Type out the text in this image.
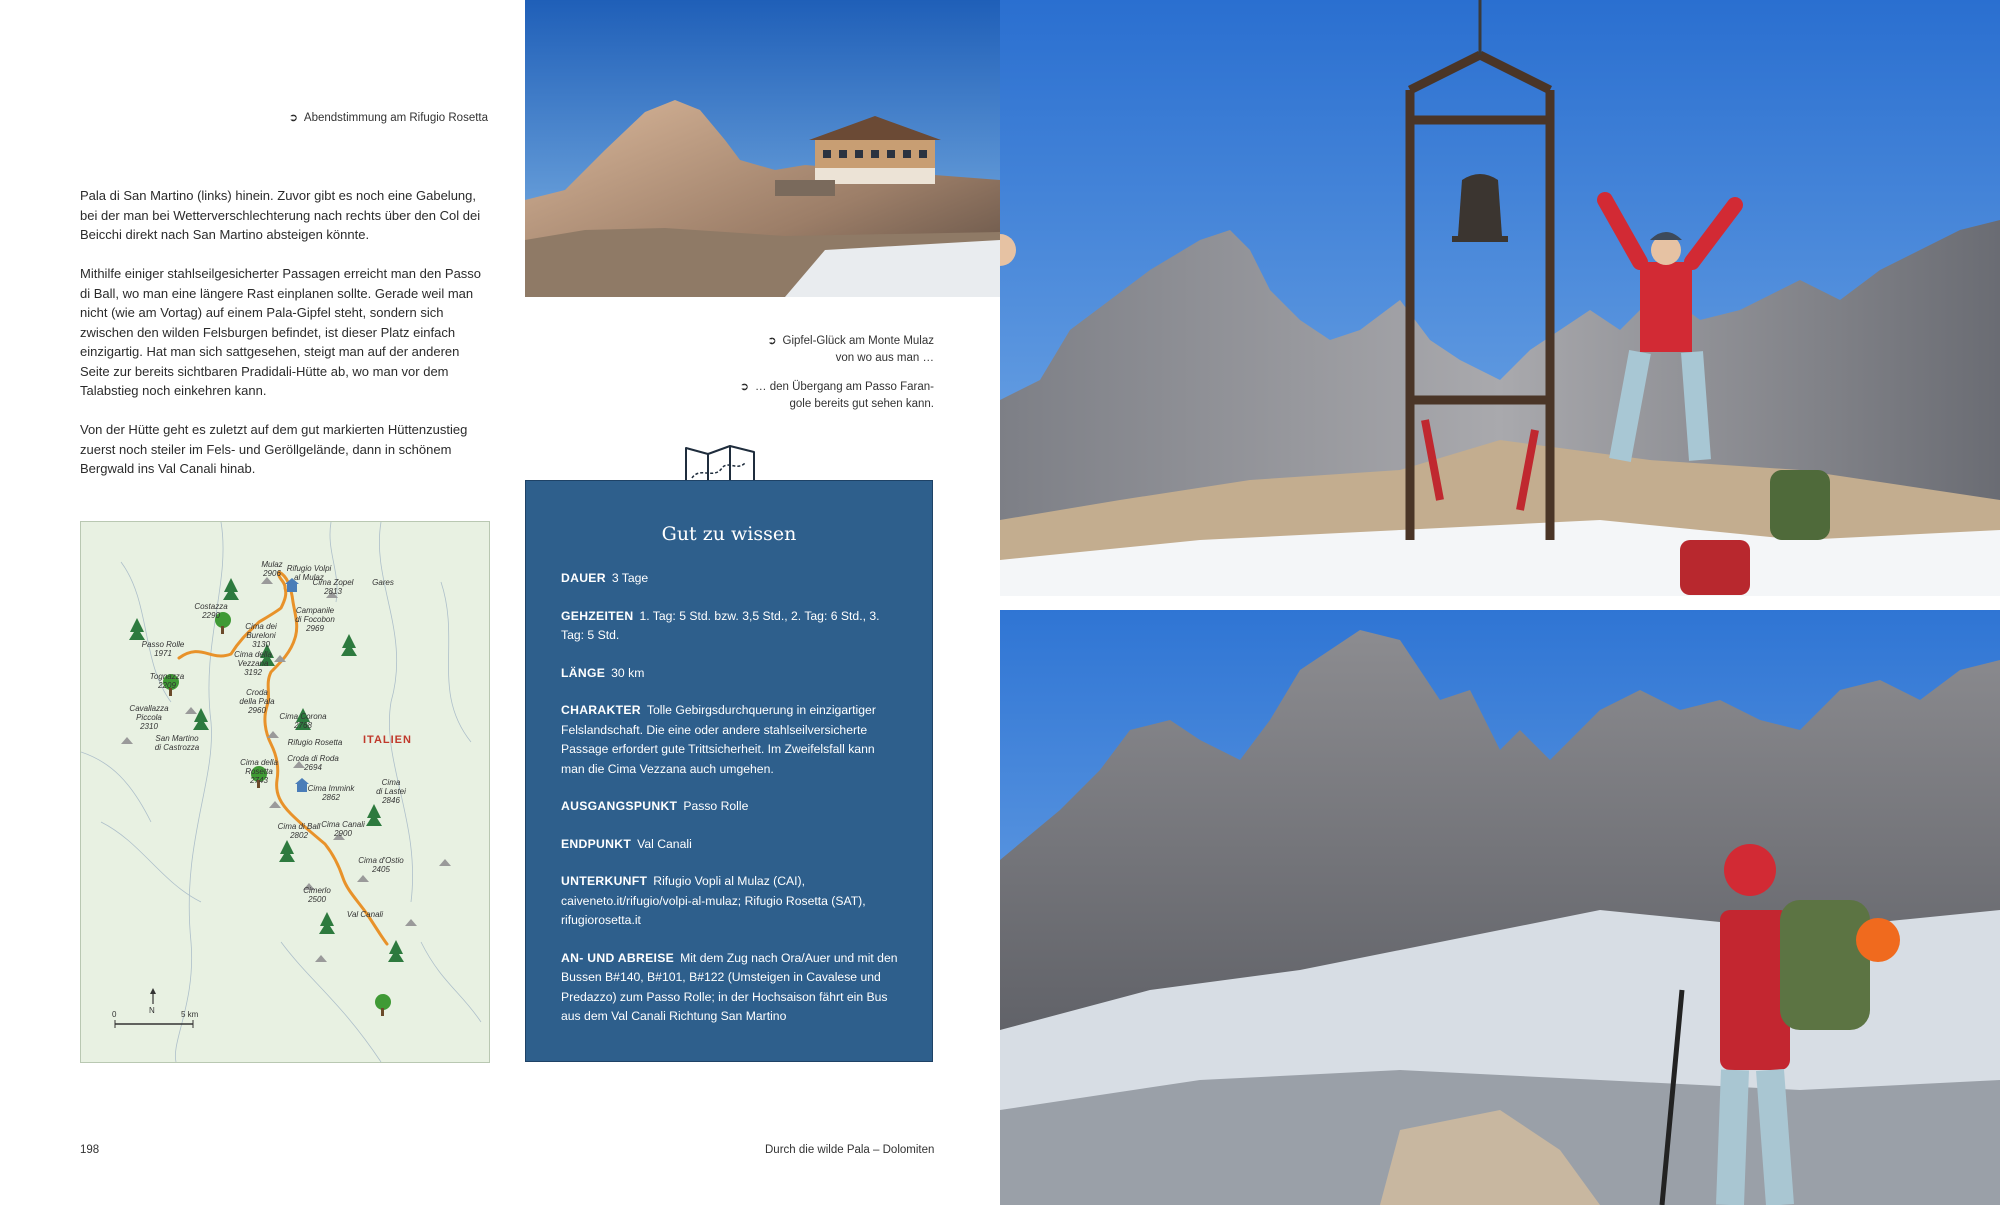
➲ Abendstimmung am Rifugio Rosetta

Pala di San Martino (links) hinein. Zuvor gibt es noch eine Gabelung, bei der man bei Wetterverschlechterung nach rechts über den Col dei Beicchi direkt nach San Martino absteigen könnte.

Mithilfe einiger stahlseilgesicherter Passagen erreicht man den Passo di Ball, wo man eine längere Rast einplanen sollte. Gerade weil man nicht (wie am Vortag) auf einem Pala-Gipfel steht, sondern sich zwischen den wilden Felsburgen befindet, ist dieser Platz einfach einzigartig. Hat man sich sattgesehen, steigt man auf der anderen Seite zur bereits sichtbaren Pradidali-Hütte ab, wo man vor dem Talabstieg noch einkehren kann.

Von der Hütte geht es zuletzt auf dem gut markierten Hüttenzustieg zuerst noch steiler im Fels- und Geröllgelände, dann in schönem Bergwald ins Val Canali hinab.

ITALIEN
N
0	5 km
Mulaz
2906
Rifugio Volpi
al Mulaz
Cima Zopel
2813
Gares
Campanile
di Focobon
2969
Costazza
2290
Cima dei
Bureloni
3130
Passo Rolle
1971	Cima della
Vezzana
3192
Tognazza
2209
Cavallazza
Piccola
2310
Croda
della Pala
2960
Cima Corona
2768
San Martino
di Castrozza
Rifugio Rosetta
Croda di Roda
2694
Cima della
Rosetta
2743
Cima Immink
2862
Cima
di Lastei
2846
Cima Canali
2900
Cima di Ball
2802
Cima d'Ostio
2405
Cimerlo
2500
Val Canali
➲ Gipfel-Glück am Monte Mulaz
von wo aus man …
➲ … den Übergang am Passo Faran-
gole bereits gut sehen kann.
Gut zu wissen
DAUER 3 Tage
GEHZEITEN 1. Tag: 5 Std. bzw. 3,5 Std., 2. Tag: 6 Std., 3. Tag: 5 Std.
LÄNGE 30 km
CHARAKTER Tolle Gebirgsdurchquerung in einzigartiger Felslandschaft. Die eine oder andere stahlseilversicherte Passage erfordert gute Trittsicherheit. Im Zweifelsfall kann man die Cima Vezzana auch umgehen.
AUSGANGSPUNKT Passo Rolle
ENDPUNKT Val Canali
UNTERKUNFT Rifugio Vopli al Mulaz (CAI), caiveneto.it/rifugio/volpi-al-mulaz; Rifugio Rosetta (SAT), rifugiorosetta.it
AN- UND ABREISE Mit dem Zug nach Ora/Auer und mit den Bussen B#140, B#101, B#122 (Umsteigen in Cavalese und Predazzo) zum Passo Rolle; in der Hochsaison fährt ein Bus aus dem Val Canali Richtung San Martino
198	Durch die wilde Pala – Dolomiten
